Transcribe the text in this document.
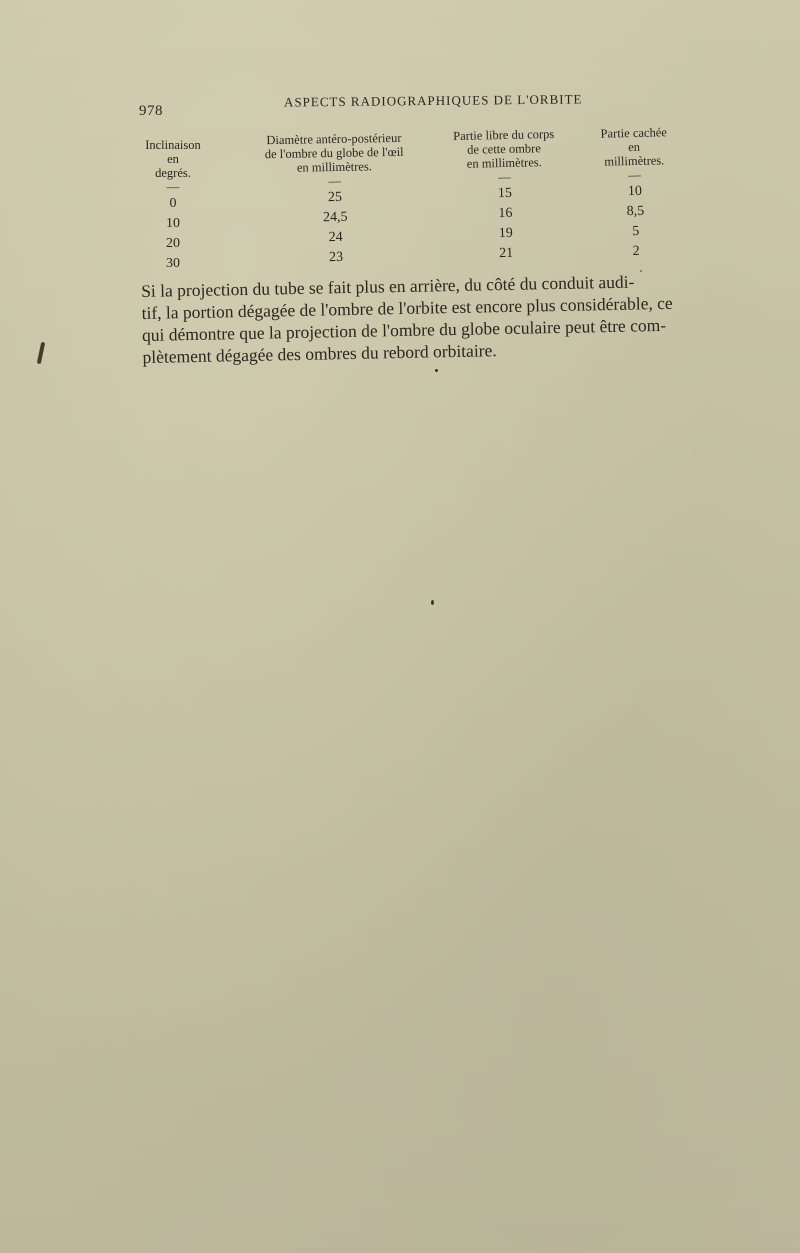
978
ASPECTS RADIOGRAPHIQUES DE L'ORBITE
Inclinaison
en
degrés.
—
0
10
20
30
Diamètre antéro-postérieur
de l'ombre du globe de l'œil
en millimètres.
—
25
24,5
24
23
Partie libre du corps
de cette ombre
en millimètres.
—
15
16
19
21
Partie cachée
en
millimètres.
—
10
8,5
5
2
Si la projection du tube se fait plus en arrière, du côté du conduit audi-
tif, la portion dégagée de l'ombre de l'orbite est encore plus considérable, ce
qui démontre que la projection de l'ombre du globe oculaire peut être com-
plètement dégagée des ombres du rebord orbitaire.
